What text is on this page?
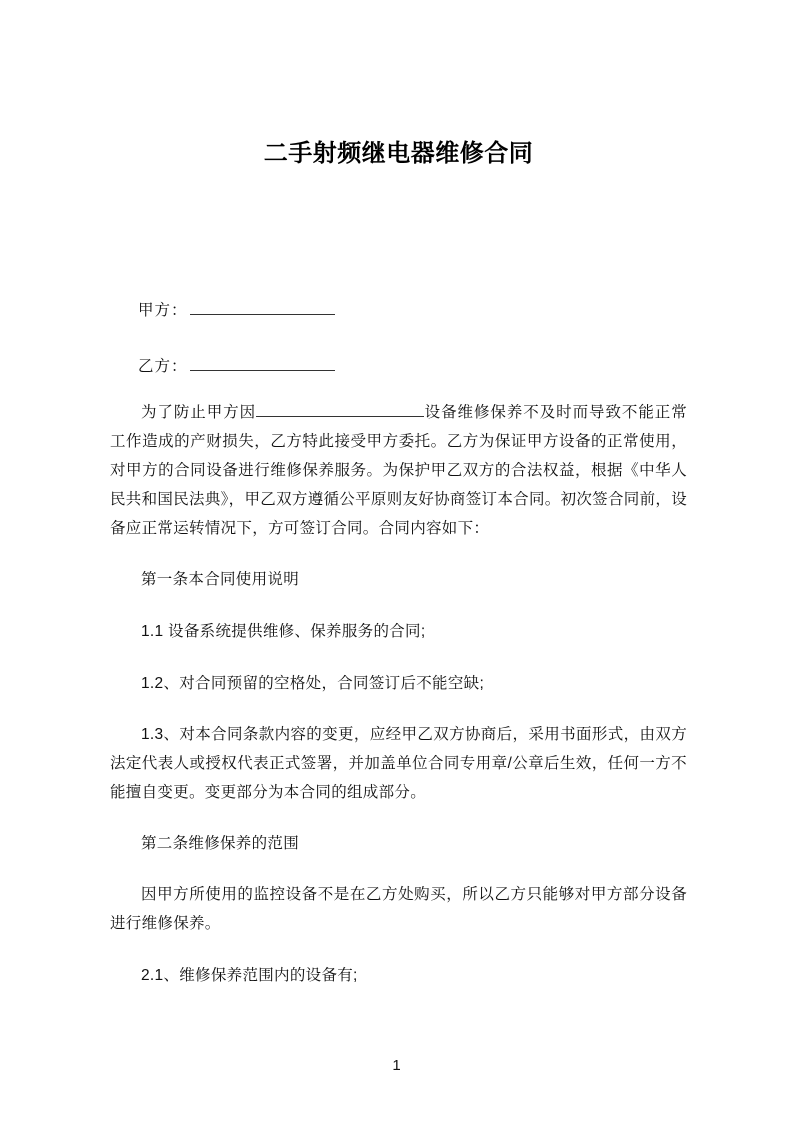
二手射频继电器维修合同
甲方：
乙方：

为了防止甲方因	设备维修保养不及时而导致不能正常工作造成的产财损失，乙方特此接受甲方委托。乙方为保证甲方设备的正常使用，对甲方的合同设备进行维修保养服务。为保护甲乙双方的合法权益，根据《中华人民共和国民法典》，甲乙双方遵循公平原则友好协商签订本合同。初次签合同前，设备应正常运转情况下，方可签订合同。合同内容如下：

第一条本合同使用说明

1.1 设备系统提供维修、保养服务的合同;

1.2、对合同预留的空格处，合同签订后不能空缺;

1.3、对本合同条款内容的变更，应经甲乙双方协商后，采用书面形式，由双方法定代表人或授权代表正式签署，并加盖单位合同专用章/公章后生效，任何一方不能擅自变更。变更部分为本合同的组成部分。

第二条维修保养的范围

因甲方所使用的监控设备不是在乙方处购买，所以乙方只能够对甲方部分设备进行维修保养。

2.1、维修保养范围内的设备有;

1
